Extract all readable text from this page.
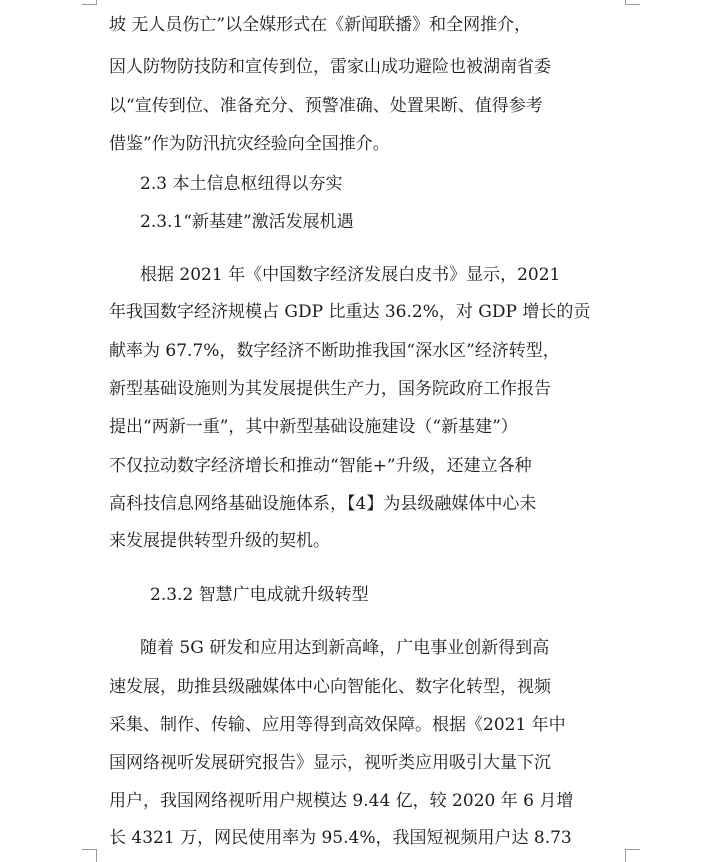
坡 无人员伤亡”以全媒形式在《新闻联播》和全网推介，
因人防物防技防和宣传到位，雷家山成功避险也被湖南省委
以“宣传到位、准备充分、预警准确、处置果断、值得参考
借鉴”作为防汛抗灾经验向全国推介。
2.3 本土信息枢纽得以夯实
2.3.1“新基建”激活发展机遇
根据 2021 年《中国数字经济发展白皮书》显示，2021
年我国数字经济规模占 GDP 比重达 36.2%，对 GDP 增长的贡
献率为 67.7%，数字经济不断助推我国“深水区”经济转型，
新型基础设施则为其发展提供生产力，国务院政府工作报告
提出“两新一重”，其中新型基础设施建设（“新基建”）
不仅拉动数字经济增长和推动“智能+”升级，还建立各种
高科技信息网络基础设施体系，【4】为县级融媒体中心未
来发展提供转型升级的契机。
2.3.2 智慧广电成就升级转型
随着 5G 研发和应用达到新高峰，广电事业创新得到高
速发展，助推县级融媒体中心向智能化、数字化转型，视频
采集、制作、传输、应用等得到高效保障。根据《2021 年中
国网络视听发展研究报告》显示，视听类应用吸引大量下沉
用户，我国网络视听用户规模达 9.44 亿，较 2020 年 6 月增
长 4321 万，网民使用率为 95.4%，我国短视频用户达 8.73
